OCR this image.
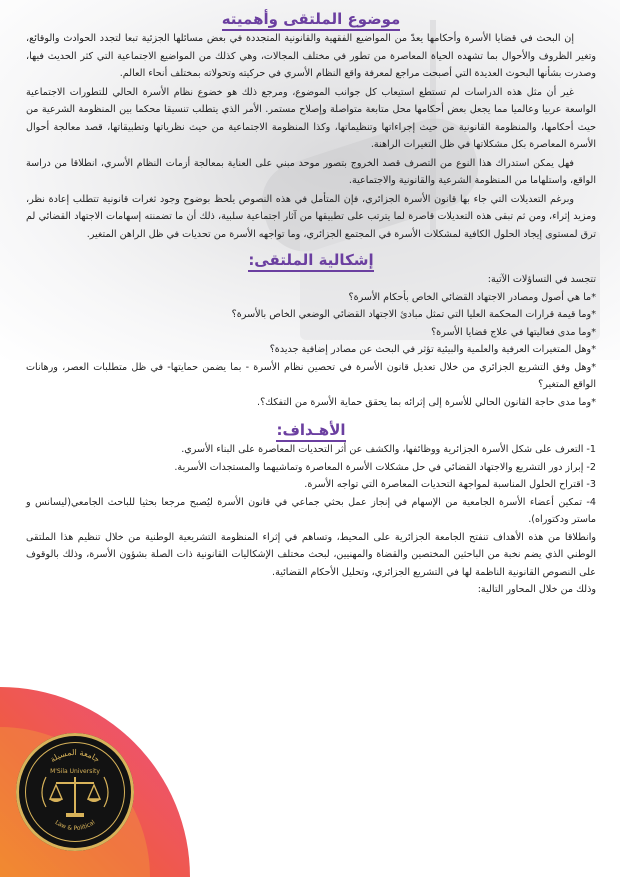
موضوع الملتقى وأهميته

إن البحث في قضايا الأسرة وأحكامها يعدّ من المواضيع الفقهية والقانونية المتجددة في بعض مسائلها الجزئية تبعا لتجدد الحوادث والوقائع، وتغير الظروف والأحوال بما تشهده الحياة المعاصرة من تطور في مختلف المجالات، وهي كذلك من المواضيع الاجتماعية التي كثر الحديث فيها، وصدرت بشأنها البحوث العديدة التي أصبحت مراجع لمعرفة واقع النظام الأسري في حركيته وتحولاته بمختلف أنحاء العالم.

غير أن مثل هذه الدراسات لم تستطع استيعاب كل جوانب الموضوع، ومرجع ذلك هو خضوع نظام الأسرة الحالي للتطورات الاجتماعية الواسعة عربيا وعالميا مما يجعل بعض أحكامها محل متابعة متواصلة وإصلاح مستمر. الأمر الذي يتطلب تنسيقا محكما بين المنظومة الشرعية من حيث أحكامها، والمنظومة القانونية من حيث إجراءاتها وتنظيماتها، وكذا المنظومة الاجتماعية من حيث نظرياتها وتطبيقاتها، قصد معالجة أحوال الأسرة المعاصرة بكل مشكلاتها في ظل التغيرات الراهنة.

فهل يمكن استدراك هذا النوع من التصرف قصد الخروج بتصور موحد مبني على العناية بمعالجة أزمات النظام الأسري، انطلاقا من دراسة الواقع، واستلهاما من المنظومة الشرعية والقانونية والاجتماعية.

وبرغم التعديلات التي جاء بها قانون الأسرة الجزائري، فإن المتأمل في هذه النصوص يلحظ بوضوح وجود ثغرات قانونية تتطلب إعادة نظر، ومزيد إثراء، ومن ثم تبقى هذه التعديلات قاصرة لما يترتب على تطبيقها من آثار اجتماعية سلبية، ذلك أن ما تضمنته إسهامات الاجتهاد القضائي لم ترق لمستوى إيجاد الحلول الكافية لمشكلات الأسرة في المجتمع الجزائري، وما تواجهه الأسرة من تحديات في ظل الراهن المتغير.

إشكالية الملتقى:

تتجسد في التساؤلات الآتية:

*ما هي أصول ومصادر الاجتهاد القضائي الخاص بأحكام الأسرة؟

*وما قيمة قرارات المحكمة العليا التي تمثل مبادئ الاجتهاد القضائي الوضعي الخاص بالأسرة؟

*وما مدى فعاليتها في علاج قضايا الأسرة؟

*وهل المتغيرات العرفية والعلمية والبيئية تؤثر في البحث عن مصادر إضافية جديدة؟

*وهل وفق التشريع الجزائري من خلال تعديل قانون الأسرة في تحصين نظام الأسرة - بما يضمن حمايتها- في ظل متطلبات العصر، ورهانات الواقع المتغير؟

*وما مدى حاجة القانون الحالي للأسرة إلى إثرائه بما يحقق حماية الأسرة من التفكك؟.

الأهـداف:

1- التعرف على شكل الأسرة الجزائرية ووظائفها، والكشف عن أثر التحديات المعاصرة على البناء الأسري.

2- إبراز دور التشريع والاجتهاد القضائي في حل مشكلات الأسرة المعاصرة وتماشيهما والمستجدات الأسرية.

3- اقتراح الحلول المناسبة لمواجهة التحديات المعاصرة التي تواجه الأسرة.

4- تمكين أعضاء الأسرة الجامعية من الإسهام في إنجاز عمل بحثي جماعي في قانون الأسرة ليُصبح مرجعا بحثيا للباحث الجامعي(ليسانس و ماستر ودكتوراه).

وانطلاقا من هذه الأهداف تنفتح الجامعة الجزائرية على المحيط، وتساهم في إثراء المنظومة التشريعية الوطنية من خلال تنظيم هذا الملتقى الوطني الذي يضم نخبة من الباحثين المختصين والقضاة والمهنيين، لبحث مختلف الإشكاليات القانونية ذات الصلة بشؤون الأسرة، وذلك بالوقوف على النصوص القانونية الناظمة لها في التشريع الجزائري، وتحليل الأحكام القضائية.

وذلك من خلال المحاور التالية:

جامعة المسيلة
Law & Political
M'Sila University
